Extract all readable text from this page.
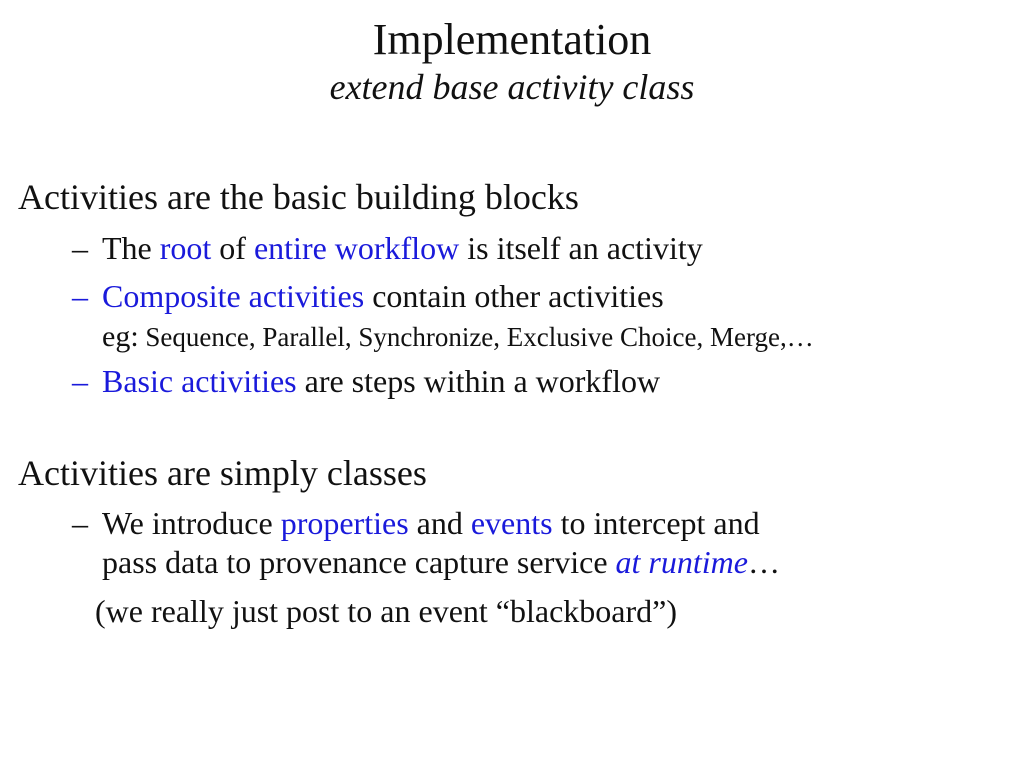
Implementation
extend base activity class
Activities are the basic building blocks
– The root of entire workflow is itself an activity
– Composite activities contain other activities
eg: Sequence, Parallel, Synchronize, Exclusive Choice, Merge,…
– Basic activities are steps within a workflow
Activities are simply classes
– We introduce properties and events to intercept and
pass data to provenance capture service at runtime…
(we really just post to an event “blackboard”)
